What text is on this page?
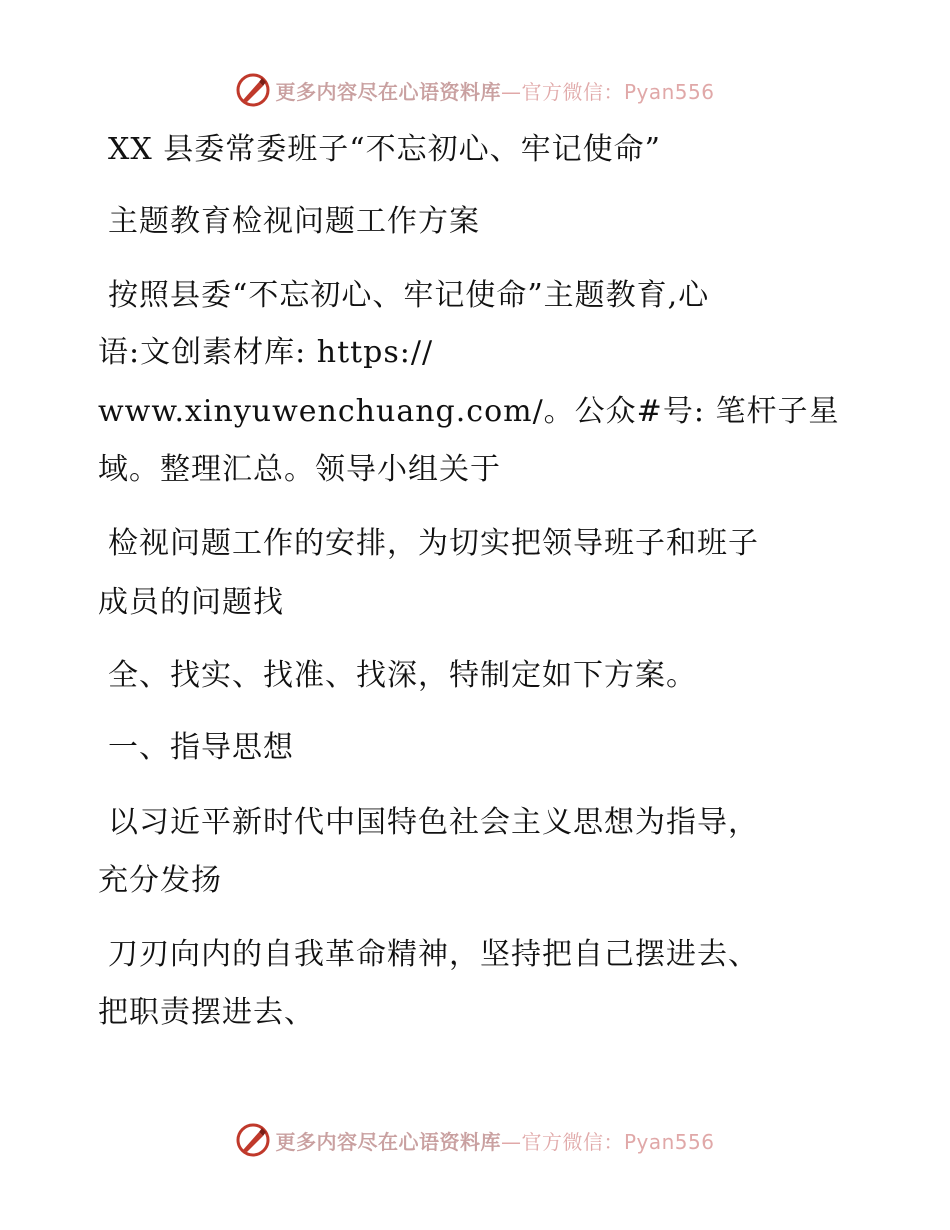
更多内容尽在心语资料库—官方微信：Pyan556
XX 县委常委班子“不忘初心、牢记使命”
主题教育检视问题工作方案
按照县委“不忘初心、牢记使命”主题教育,心
语:文创素材库: https://
www.xinyuwenchuang.com/。公众#号: 笔杆子星
域。整理汇总。领导小组关于
检视问题工作的安排，为切实把领导班子和班子
成员的问题找
全、找实、找准、找深，特制定如下方案。
一、指导思想
以习近平新时代中国特色社会主义思想为指导，
充分发扬
刀刃向内的自我革命精神，坚持把自己摆进去、
把职责摆进去、
更多内容尽在心语资料库—官方微信：Pyan556
